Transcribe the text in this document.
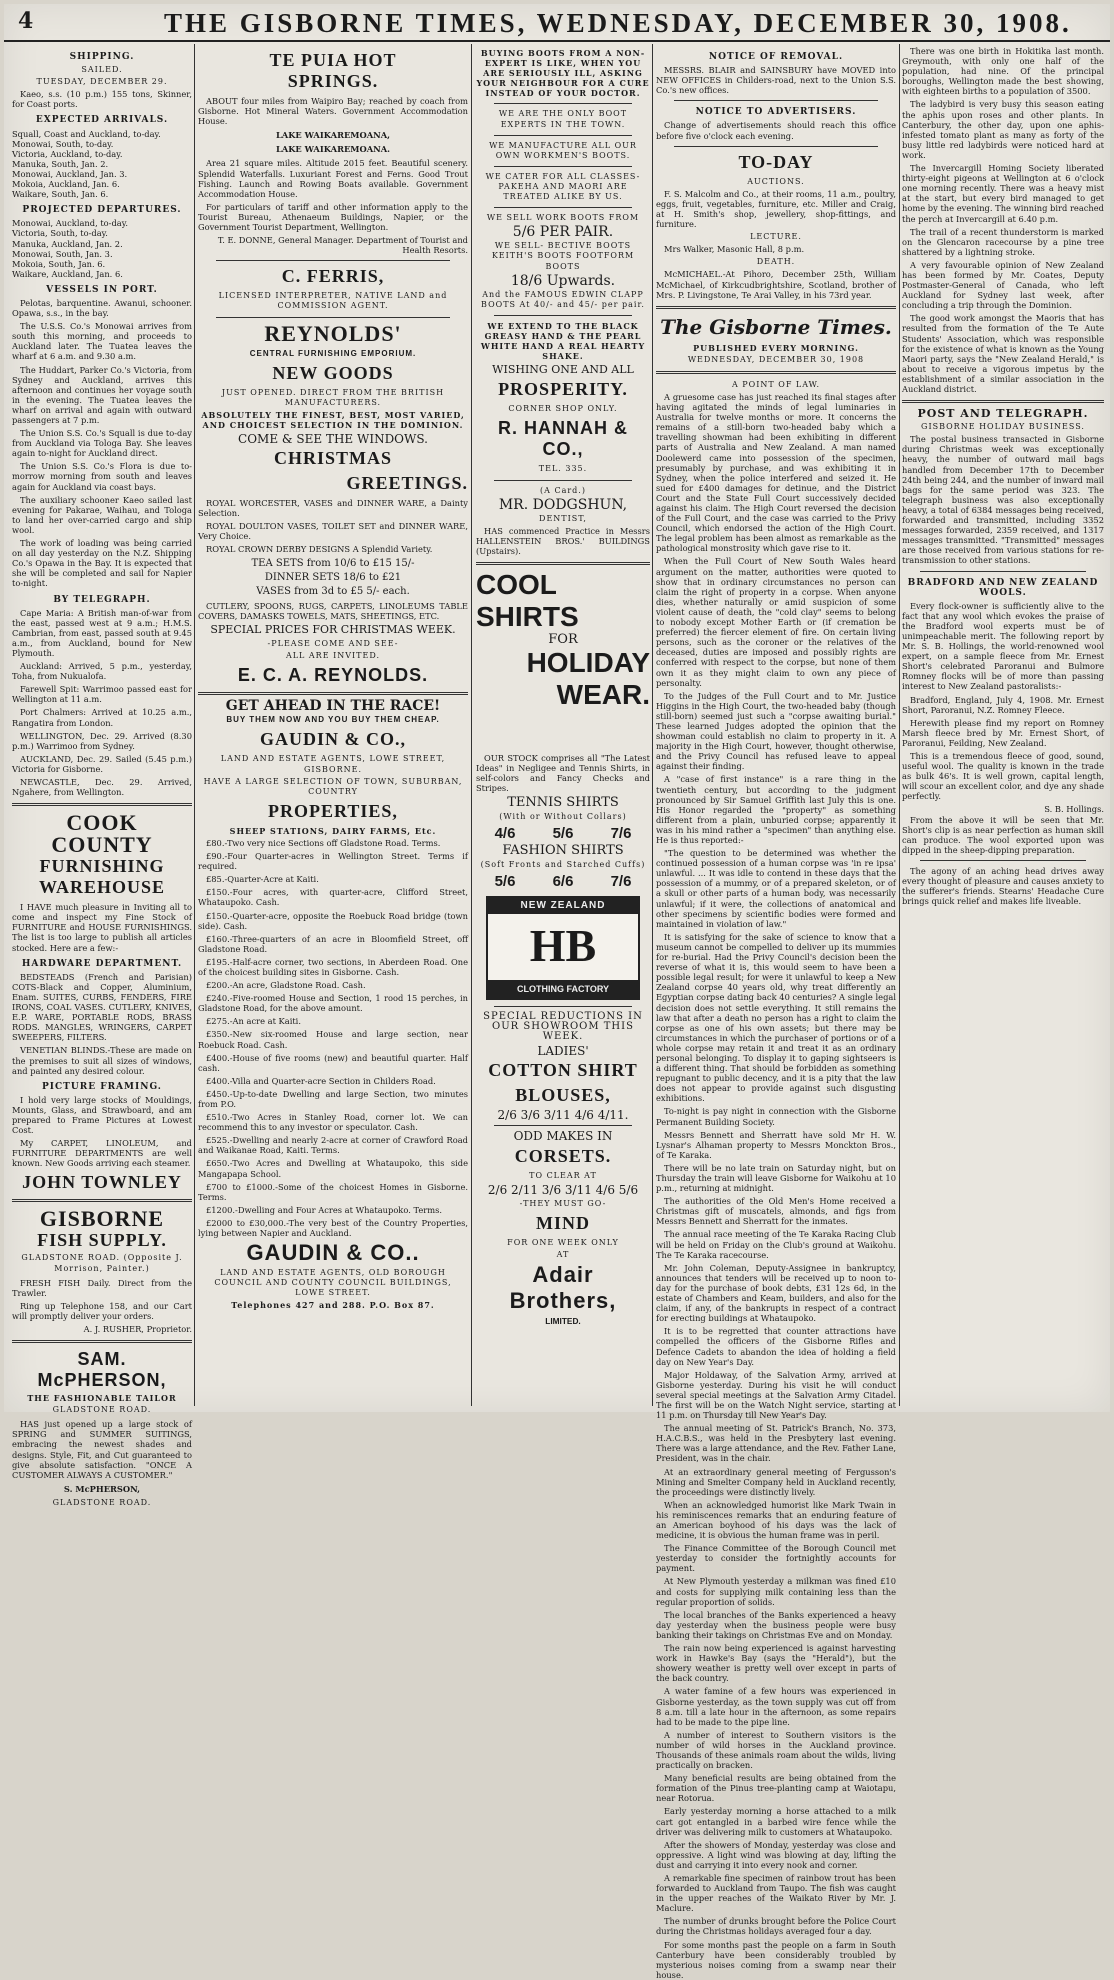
4	THE GISBORNE TIMES, WEDNESDAY, DECEMBER 30, 1908.
SHIPPING.
SAILED.
TUESDAY, DECEMBER 29.

Kaeo, s.s. (10 p.m.) 155 tons, Skinner, for Coast ports.

EXPECTED ARRIVALS.

Squall, Coast and Auckland, to-day.

Monowai, South, to-day.

Victoria, Auckland, to-day.

Manuka, South, Jan. 2.

Monowai, Auckland, Jan. 3.

Mokoia, Auckland, Jan. 6.

Waikare, South, Jan. 6.

PROJECTED DEPARTURES.

Monowai, Auckland, to-day.

Victoria, South, to-day.

Manuka, Auckland, Jan. 2.

Monowai, South, Jan. 3.

Mokoia, South, Jan. 6.

Waikare, Auckland, Jan. 6.

VESSELS IN PORT.

Pelotas, barquentine. Awanui, schooner. Opawa, s.s., in the bay.

The U.S.S. Co.'s Monowai arrives from south this morning, and proceeds to Auckland later. The Tuatea leaves the wharf at 6 a.m. and 9.30 a.m.

The Huddart, Parker Co.'s Victoria, from Sydney and Auckland, arrives this afternoon and continues her voyage south in the evening. The Tuatea leaves the wharf on arrival and again with outward passengers at 7 p.m.

The Union S.S. Co.'s Squall is due to-day from Auckland via Tologa Bay. She leaves again to-night for Auckland direct.

The Union S.S. Co.'s Flora is due to-morrow morning from south and leaves again for Auckland via coast bays.

The auxiliary schooner Kaeo sailed last evening for Pakarae, Waihau, and Tologa to land her over-carried cargo and ship wool.

The work of loading was being carried on all day yesterday on the N.Z. Shipping Co.'s Opawa in the Bay. It is expected that she will be completed and sail for Napier to-night.

BY TELEGRAPH.

Cape Maria: A British man-of-war from the east, passed west at 9 a.m.; H.M.S. Cambrian, from east, passed south at 9.45 a.m., from Auckland, bound for New Plymouth.

Auckland: Arrived, 5 p.m., yesterday, Toha, from Nukualofa.

Farewell Spit: Warrimoo passed east for Wellington at 11 a.m.

Port Chalmers: Arrived at 10.25 a.m., Rangatira from London.

WELLINGTON, Dec. 29. Arrived (8.30 p.m.) Warrimoo from Sydney.

AUCKLAND, Dec. 29. Sailed (5.45 p.m.) Victoria for Gisborne.

NEWCASTLE, Dec. 29. Arrived, Ngahere, from Wellington.

COOK
COUNTY
FURNISHING
WAREHOUSE

I HAVE much pleasure in Inviting all to come and inspect my Fine Stock of FURNITURE and HOUSE FURNISHINGS. The list is too large to publish all articles stocked. Here are a few:-

HARDWARE DEPARTMENT.

BEDSTEADS (French and Parisian) COTS-Black and Copper, Aluminium, Enam. SUITES, CURBS, FENDERS, FIRE IRONS, COAL VASES. CUTLERY, KNIVES, E.P. WARE, PORTABLE RODS, BRASS RODS. MANGLES, WRINGERS, CARPET SWEEPERS, FILTERS.

VENETIAN BLINDS.-These are made on the premises to suit all sizes of windows, and painted any desired colour.

PICTURE FRAMING.

I hold very large stocks of Mouldings, Mounts, Glass, and Strawboard, and am prepared to Frame Pictures at Lowest Cost.

My CARPET, LINOLEUM, and FURNITURE DEPARTMENTS are well known. New Goods arriving each steamer.

JOHN TOWNLEY
GISBORNE
FISH SUPPLY.
GLADSTONE ROAD. (Opposite J. Morrison, Painter.)

FRESH FISH Daily. Direct from the Trawler.

Ring up Telephone 158, and our Cart will promptly deliver your orders.

A. J. RUSHER, Proprietor.
SAM. McPHERSON,
THE FASHIONABLE TAILOR
GLADSTONE ROAD.

HAS just opened up a large stock of SPRING and SUMMER SUITINGS, embracing the newest shades and designs. Style, Fit, and Cut guaranteed to give absolute satisfaction. "ONCE A CUSTOMER ALWAYS A CUSTOMER."

S. McPHERSON,
GLADSTONE ROAD.
TE PUIA HOT
SPRINGS.

ABOUT four miles from Waipiro Bay; reached by coach from Gisborne. Hot Mineral Waters. Government Accommodation House.

LAKE WAIKAREMOANA,
LAKE WAIKAREMOANA.

Area 21 square miles. Altitude 2015 feet. Beautiful scenery. Splendid Waterfalls. Luxuriant Forest and Ferns. Good Trout Fishing. Launch and Rowing Boats available. Government Accommodation House.

For particulars of tariff and other information apply to the Tourist Bureau, Athenaeum Buildings, Napier, or the Government Tourist Department, Wellington.

T. E. DONNE, General Manager. Department of Tourist and Health Resorts.
C. FERRIS,
LICENSED INTERPRETER, NATIVE LAND and COMMISSION AGENT.
REYNOLDS'
CENTRAL FURNISHING EMPORIUM.
NEW GOODS
JUST OPENED. DIRECT FROM THE BRITISH MANUFACTURERS.
ABSOLUTELY THE FINEST, BEST, MOST VARIED, AND CHOICEST SELECTION IN THE DOMINION.
COME & SEE THE WINDOWS.
CHRISTMAS
GREETINGS.

ROYAL WORCESTER, VASES and DINNER WARE, a Dainty Selection.

ROYAL DOULTON VASES, TOILET SET and DINNER WARE, Very Choice.

ROYAL CROWN DERBY DESIGNS A Splendid Variety.

TEA SETS from 10/6 to £15 15/-
DINNER SETS 18/6 to £21
VASES from 3d to £5 5/- each.

CUTLERY, SPOONS, RUGS, CARPETS, LINOLEUMS TABLE COVERS, DAMASKS TOWELS, MATS, SHEETINGS, ETC.

SPECIAL PRICES FOR CHRISTMAS WEEK.
-PLEASE COME AND SEE-
ALL ARE INVITED.
E. C. A. REYNOLDS.
GET AHEAD IN THE RACE!
BUY THEM NOW AND YOU BUY THEM CHEAP.
GAUDIN & CO.,
LAND AND ESTATE AGENTS, LOWE STREET, GISBORNE.
HAVE A LARGE SELECTION OF TOWN, SUBURBAN, COUNTRY
PROPERTIES,
SHEEP STATIONS, DAIRY FARMS, Etc.

£80.-Two very nice Sections off Gladstone Road. Terms.

£90.-Four Quarter-acres in Wellington Street. Terms if required.

£85.-Quarter-Acre at Kaiti.

£150.-Four acres, with quarter-acre, Clifford Street, Whataupoko. Cash.

£150.-Quarter-acre, opposite the Roebuck Road bridge (town side). Cash.

£160.-Three-quarters of an acre in Bloomfield Street, off Gladstone Road.

£195.-Half-acre corner, two sections, in Aberdeen Road. One of the choicest building sites in Gisborne. Cash.

£200.-An acre, Gladstone Road. Cash.

£240.-Five-roomed House and Section, 1 rood 15 perches, in Gladstone Road, for the above amount.

£275.-An acre at Kaiti.

£350.-New six-roomed House and large section, near Roebuck Road. Cash.

£400.-House of five rooms (new) and beautiful quarter. Half cash.

£400.-Villa and Quarter-acre Section in Childers Road.

£450.-Up-to-date Dwelling and large Section, two minutes from P.O.

£510.-Two Acres in Stanley Road, corner lot. We can recommend this to any investor or speculator. Cash.

£525.-Dwelling and nearly 2-acre at corner of Crawford Road and Waikanae Road, Kaiti. Terms.

£650.-Two Acres and Dwelling at Whataupoko, this side Mangapapa School.

£700 to £1000.-Some of the choicest Homes in Gisborne. Terms.

£1200.-Dwelling and Four Acres at Whataupoko. Terms.

£2000 to £30,000.-The very best of the Country Properties, lying between Napier and Auckland.

GAUDIN & CO..
LAND AND ESTATE AGENTS, OLD BOROUGH COUNCIL AND COUNTY COUNCIL BUILDINGS, LOWE STREET.
Telephones 427 and 288. P.O. Box 87.
BUYING BOOTS FROM A NON-EXPERT IS LIKE, WHEN YOU ARE SERIOUSLY ILL, ASKING YOUR NEIGHBOUR FOR A CURE INSTEAD OF YOUR DOCTOR.
WE ARE THE ONLY BOOT EXPERTS IN THE TOWN.
WE MANUFACTURE ALL OUR OWN WORKMEN'S BOOTS.
WE CATER FOR ALL CLASSES-PAKEHA AND MAORI ARE TREATED ALIKE BY US.
WE SELL WORK BOOTS FROM
5/6 PER PAIR.
WE SELL- BECTIVE BOOTS KEITH'S BOOTS FOOTFORM BOOTS
18/6 Upwards.
And the FAMOUS EDWIN CLAPP BOOTS At 40/- and 45/- per pair.
WE EXTEND TO THE BLACK GREASY HAND & THE PEARL WHITE HAND A REAL HEARTY SHAKE.
WISHING ONE AND ALL
PROSPERITY.
CORNER SHOP ONLY.
R. HANNAH & CO.,
TEL. 335.
(A Card.)
MR. DODGSHUN,
DENTIST,

HAS commenced Practice in Messrs HALLENSTEIN BROS.' BUILDINGS (Upstairs).

COOL
SHIRTS
FOR
HOLIDAY
WEAR.

OUR STOCK comprises all "The Latest Ideas" in Negligee and Tennis Shirts, in self-colors and Fancy Checks and Stripes.

TENNIS SHIRTS
(With or Without Collars)
4/6 5/6 7/6
FASHION SHIRTS
(Soft Fronts and Starched Cuffs)
5/6 6/6 7/6
NEW ZEALAND
HB
CLOTHING FACTORY
SPECIAL REDUCTIONS IN OUR SHOWROOM THIS WEEK.
LADIES'
COTTON SHIRT
BLOUSES,
2/6 3/6 3/11 4/6 4/11.
ODD MAKES IN
CORSETS.
TO CLEAR AT
2/6 2/11 3/6 3/11 4/6 5/6
-THEY MUST GO-
MIND
FOR ONE WEEK ONLY
AT
Adair
Brothers,
LIMITED.
NOTICE OF REMOVAL.

MESSRS. BLAIR and SAINSBURY have MOVED into NEW OFFICES in Childers-road, next to the Union S.S. Co.'s new offices.

NOTICE TO ADVERTISERS.

Change of advertisements should reach this office before five o'clock each evening.

TO-DAY
AUCTIONS.

F. S. Malcolm and Co., at their rooms, 11 a.m., poultry, eggs, fruit, vegetables, furniture, etc. Miller and Craig, at H. Smith's shop, jewellery, shop-fittings, and furniture.

LECTURE.

Mrs Walker, Masonic Hall, 8 p.m.

DEATH.

McMICHAEL.-At Pihoro, December 25th, William McMichael, of Kirkcudbrightshire, Scotland, brother of Mrs. P. Livingstone, Te Arai Valley, in his 73rd year.

The Gisborne Times.
PUBLISHED EVERY MORNING.
WEDNESDAY, DECEMBER 30, 1908
A POINT OF LAW.

A gruesome case has just reached its final stages after having agitated the minds of legal luminaries in Australia for twelve months or more. It concerns the remains of a still-born two-headed baby which a travelling showman had been exhibiting in different parts of Australia and New Zealand. A man named Doolewerd came into possession of the specimen, presumably by purchase, and was exhibiting it in Sydney, when the police interfered and seized it. He sued for £400 damages for detinue, and the District Court and the State Full Court successively decided against his claim. The High Court reversed the decision of the Full Court, and the case was carried to the Privy Council, which endorsed the action of the High Court. The legal problem has been almost as remarkable as the pathological monstrosity which gave rise to it.

When the Full Court of New South Wales heard argument on the matter, authorities were quoted to show that in ordinary circumstances no person can claim the right of property in a corpse. When anyone dies, whether naturally or amid suspicion of some violent cause of death, the "cold clay" seems to belong to nobody except Mother Earth or (if cremation be preferred) the fiercer element of fire. On certain living persons, such as the coroner or the relatives of the deceased, duties are imposed and possibly rights are conferred with respect to the corpse, but none of them own it as they might claim to own any piece of personalty.

To the Judges of the Full Court and to Mr. Justice Higgins in the High Court, the two-headed baby (though still-born) seemed just such a "corpse awaiting burial." These learned Judges adopted the opinion that the showman could establish no claim to property in it. A majority in the High Court, however, thought otherwise, and the Privy Council has refused leave to appeal against their finding.

A "case of first instance" is a rare thing in the twentieth century, but according to the judgment pronounced by Sir Samuel Griffith last July this is one. His Honor regarded the "property" as something different from a plain, unburied corpse; apparently it was in his mind rather a "specimen" than anything else. He is thus reported:-

"The question to be determined was whether the continued possession of a human corpse was 'in re ipsa' unlawful. ... It was idle to contend in these days that the possession of a mummy, or of a prepared skeleton, or of a skull or other parts of a human body, was necessarily unlawful; if it were, the collections of anatomical and other specimens by scientific bodies were formed and maintained in violation of law."

It is satisfying for the sake of science to know that a museum cannot be compelled to deliver up its mummies for re-burial. Had the Privy Council's decision been the reverse of what it is, this would seem to have been a possible legal result; for were it unlawful to keep a New Zealand corpse 40 years old, why treat differently an Egyptian corpse dating back 40 centuries? A single legal decision does not settle everything. It still remains the law that after a death no person has a right to claim the corpse as one of his own assets; but there may be circumstances in which the purchaser of portions or of a whole corpse may retain it and treat it as an ordinary personal belonging. To display it to gaping sightseers is a different thing. That should be forbidden as something repugnant to public decency, and it is a pity that the law does not appear to provide against such disgusting exhibitions.

To-night is pay night in connection with the Gisborne Permanent Building Society.

Messrs Bennett and Sherratt have sold Mr H. W. Lysnar's Alhaman property to Messrs Monckton Bros., of Te Karaka.

There will be no late train on Saturday night, but on Thursday the train will leave Gisborne for Waikohu at 10 p.m., returning at midnight.

The authorities of the Old Men's Home received a Christmas gift of muscatels, almonds, and figs from Messrs Bennett and Sherratt for the inmates.

The annual race meeting of the Te Karaka Racing Club will be held on Friday on the Club's ground at Waikohu. The Te Karaka racecourse.

Mr. John Coleman, Deputy-Assignee in bankruptcy, announces that tenders will be received up to noon to-day for the purchase of book debts, £31 12s 6d, in the estate of Chambers and Keam, builders, and also for the claim, if any, of the bankrupts in respect of a contract for erecting buildings at Whataupoko.

It is to be regretted that counter attractions have compelled the officers of the Gisborne Rifles and Defence Cadets to abandon the idea of holding a field day on New Year's Day.

Major Holdaway, of the Salvation Army, arrived at Gisborne yesterday. During his visit he will conduct several special meetings at the Salvation Army Citadel. The first will be on the Watch Night service, starting at 11 p.m. on Thursday till New Year's Day.

The annual meeting of St. Patrick's Branch, No. 373, H.A.C.B.S., was held in the Presbytery last evening. There was a large attendance, and the Rev. Father Lane, President, was in the chair.

At an extraordinary general meeting of Fergusson's Mining and Smelter Company held in Auckland recently, the proceedings were distinctly lively.

When an acknowledged humorist like Mark Twain in his reminiscences remarks that an enduring feature of an American boyhood of his days was the lack of medicine, it is obvious the human frame was in peril.

The Finance Committee of the Borough Council met yesterday to consider the fortnightly accounts for payment.

At New Plymouth yesterday a milkman was fined £10 and costs for supplying milk containing less than the regular proportion of solids.

The local branches of the Banks experienced a heavy day yesterday when the business people were busy banking their takings on Christmas Eve and on Monday.

The rain now being experienced is against harvesting work in Hawke's Bay (says the "Herald"), but the showery weather is pretty well over except in parts of the back country.

A water famine of a few hours was experienced in Gisborne yesterday, as the town supply was cut off from 8 a.m. till a late hour in the afternoon, as some repairs had to be made to the pipe line.

A number of interest to Southern visitors is the number of wild horses in the Auckland province. Thousands of these animals roam about the wilds, living practically on bracken.

Many beneficial results are being obtained from the formation of the Pinus tree-planting camp at Waiotapu, near Rotorua.

Early yesterday morning a horse attached to a milk cart got entangled in a barbed wire fence while the driver was delivering milk to customers at Whataupoko.

After the showers of Monday, yesterday was close and oppressive. A light wind was blowing at day, lifting the dust and carrying it into every nook and corner.

A remarkable fine specimen of rainbow trout has been forwarded to Auckland from Taupo. The fish was caught in the upper reaches of the Waikato River by Mr. J. Maclure.

The number of drunks brought before the Police Court during the Christmas holidays averaged four a day.

For some months past the people on a farm in South Canterbury have been considerably troubled by mysterious noises coming from a swamp near their house.

There was one birth in Hokitika last month. Greymouth, with only one half of the population, had nine. Of the principal boroughs, Wellington made the best showing, with eighteen births to a population of 3500.

The ladybird is very busy this season eating the aphis upon roses and other plants. In Canterbury, the other day, upon one aphis-infested tomato plant as many as forty of the busy little red ladybirds were noticed hard at work.

The Invercargill Homing Society liberated thirty-eight pigeons at Wellington at 6 o'clock one morning recently. There was a heavy mist at the start, but every bird managed to get home by the evening. The winning bird reached the perch at Invercargill at 6.40 p.m.

The trail of a recent thunderstorm is marked on the Glencaron racecourse by a pine tree shattered by a lightning stroke.

A very favourable opinion of New Zealand has been formed by Mr. Coates, Deputy Postmaster-General of Canada, who left Auckland for Sydney last week, after concluding a trip through the Dominion.

The good work amongst the Maoris that has resulted from the formation of the Te Aute Students' Association, which was responsible for the existence of what is known as the Young Maori party, says the "New Zealand Herald," is about to receive a vigorous impetus by the establishment of a similar association in the Auckland district.

POST AND TELEGRAPH.
GISBORNE HOLIDAY BUSINESS.

The postal business transacted in Gisborne during Christmas week was exceptionally heavy, the number of outward mail bags handled from December 17th to December 24th being 244, and the number of inward mail bags for the same period was 323. The telegraph business was also exceptionally heavy, a total of 6384 messages being received, forwarded and transmitted, including 3352 messages forwarded, 2359 received, and 1317 messages transmitted. "Transmitted" messages are those received from various stations for re-transmission to other stations.

BRADFORD AND NEW ZEALAND WOOLS.

Every flock-owner is sufficiently alive to the fact that any wool which evokes the praise of the Bradford wool experts must be of unimpeachable merit. The following report by Mr. S. B. Hollings, the world-renowned wool expert, on a sample fleece from Mr. Ernest Short's celebrated Paroranui and Bulmore Romney flocks will be of more than passing interest to New Zealand pastoralists:-

Bradford, England, July 4, 1908. Mr. Ernest Short, Paroranui, N.Z. Romney Fleece.

Herewith please find my report on Romney Marsh fleece bred by Mr. Ernest Short, of Paroranui, Feilding, New Zealand.

This is a tremendous fleece of good, sound, useful wool. The quality is known in the trade as bulk 46's. It is well grown, capital length, will scour an excellent color, and dye any shade perfectly.

S. B. Hollings.

From the above it will be seen that Mr. Short's clip is as near perfection as human skill can produce. The wool exported upon was dipped in the sheep-dipping preparation.

The agony of an aching head drives away every thought of pleasure and causes anxiety to the sufferer's friends. Stearns' Headache Cure brings quick relief and makes life liveable.
